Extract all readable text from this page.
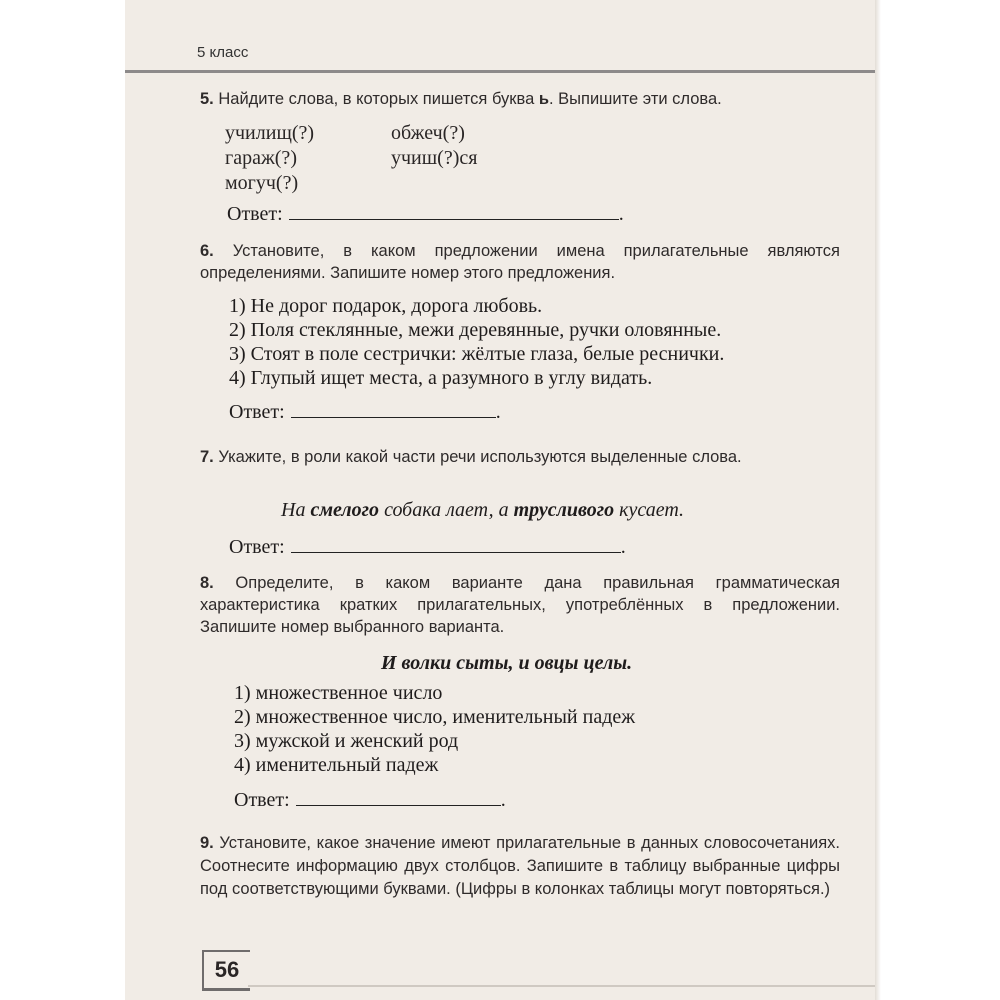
5 класс
5. Найдите слова, в которых пишется буква ь. Выпишите эти слова.
училищ(?)
гараж(?)
могуч(?)
обжеч(?)
учиш(?)ся
Ответ:	.
6. Установите, в каком предложении имена прилагательные являются определениями. Запишите номер этого предложения.
1) Не дорог подарок, дорога любовь.
2) Поля стеклянные, межи деревянные, ручки оловянные.
3) Стоят в поле сестрички: жёлтые глаза, белые реснички.
4) Глупый ищет места, а разумного в углу видать.
Ответ:	.
7. Укажите, в роли какой части речи используются выделенные слова.
На смелого собака лает, а трусливого кусает.
Ответ:	.
8. Определите, в каком варианте дана правильная грамматическая характеристика кратких прилагательных, употреблённых в предложении. Запишите номер выбранного варианта.
И волки сыты, и овцы целы.
1) множественное число
2) множественное число, именительный падеж
3) мужской и женский род
4) именительный падеж
Ответ:	.
9. Установите, какое значение имеют прилагательные в данных словосочетаниях. Соотнесите информацию двух столбцов. Запишите в таблицу выбранные цифры под соответствующими буквами. (Цифры в колонках таблицы могут повторяться.)
56
